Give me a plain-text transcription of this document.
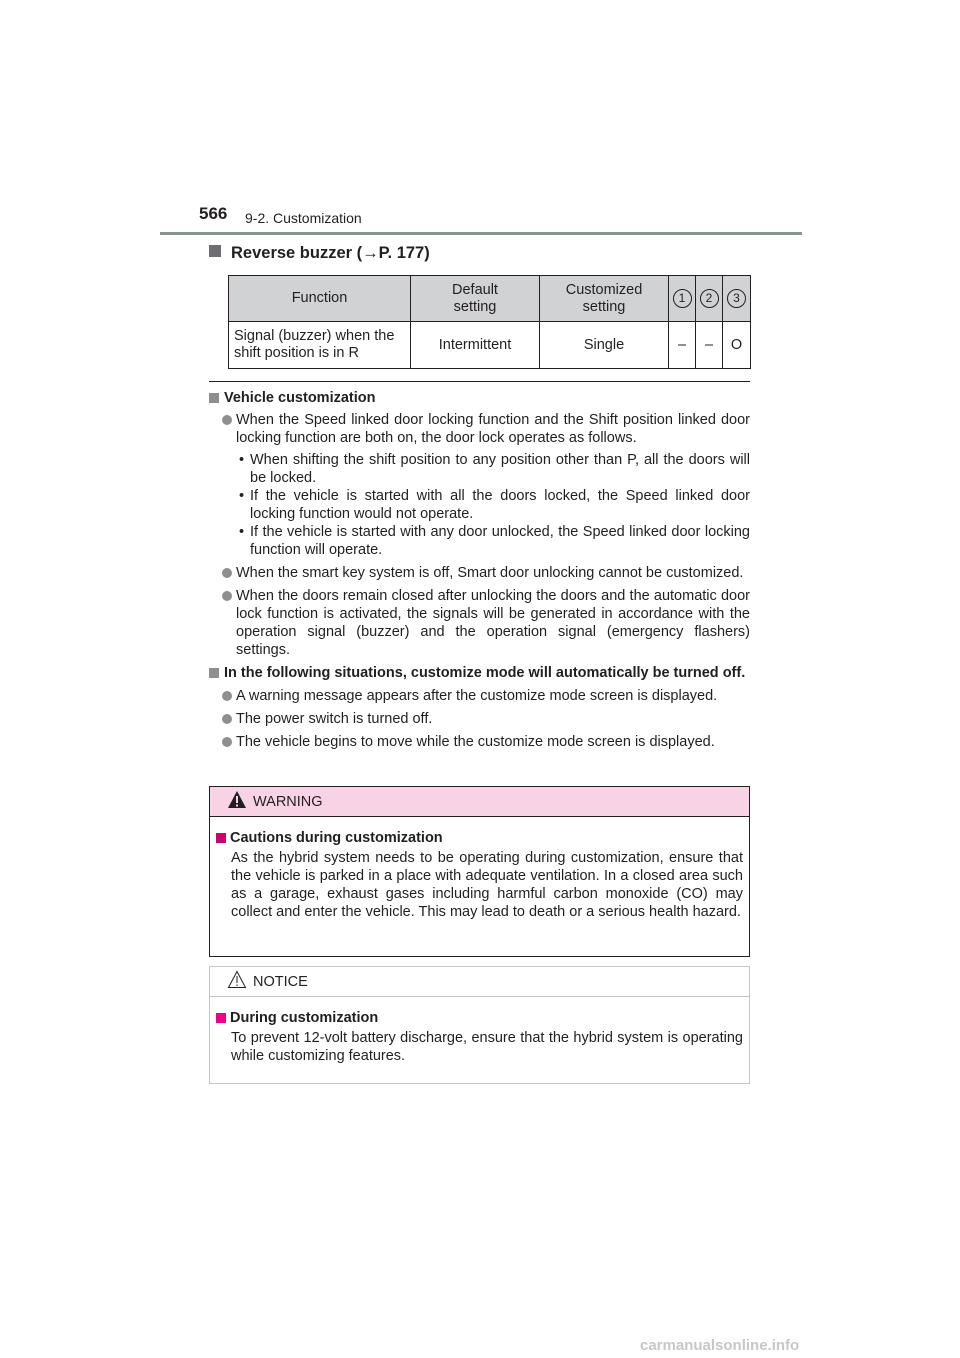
566 9-2. Customization
Reverse buzzer (→P. 177)
Function	Default setting	Customized setting	1	2	3
Signal (buzzer) when the shift position is in R	Intermittent	Single	–	–	O
Vehicle customization
When the Speed linked door locking function and the Shift position linked door locking function are both on, the door lock operates as follows.
• When shifting the shift position to any position other than P, all the doors will be locked.
• If the vehicle is started with all the doors locked, the Speed linked door locking function would not operate.
• If the vehicle is started with any door unlocked, the Speed linked door locking function will operate.
When the smart key system is off, Smart door unlocking cannot be customized.
When the doors remain closed after unlocking the doors and the automatic door lock function is activated, the signals will be generated in accordance with the operation signal (buzzer) and the operation signal (emergency flashers) settings.
In the following situations, customize mode will automatically be turned off.
A warning message appears after the customize mode screen is displayed.
The power switch is turned off.
The vehicle begins to move while the customize mode screen is displayed.
WARNING
Cautions during customization
As the hybrid system needs to be operating during customization, ensure that the vehicle is parked in a place with adequate ventilation. In a closed area such as a garage, exhaust gases including harmful carbon monoxide (CO) may collect and enter the vehicle. This may lead to death or a serious health hazard.
NOTICE
During customization
To prevent 12-volt battery discharge, ensure that the hybrid system is operating while customizing features.
carmanualsonline.info
